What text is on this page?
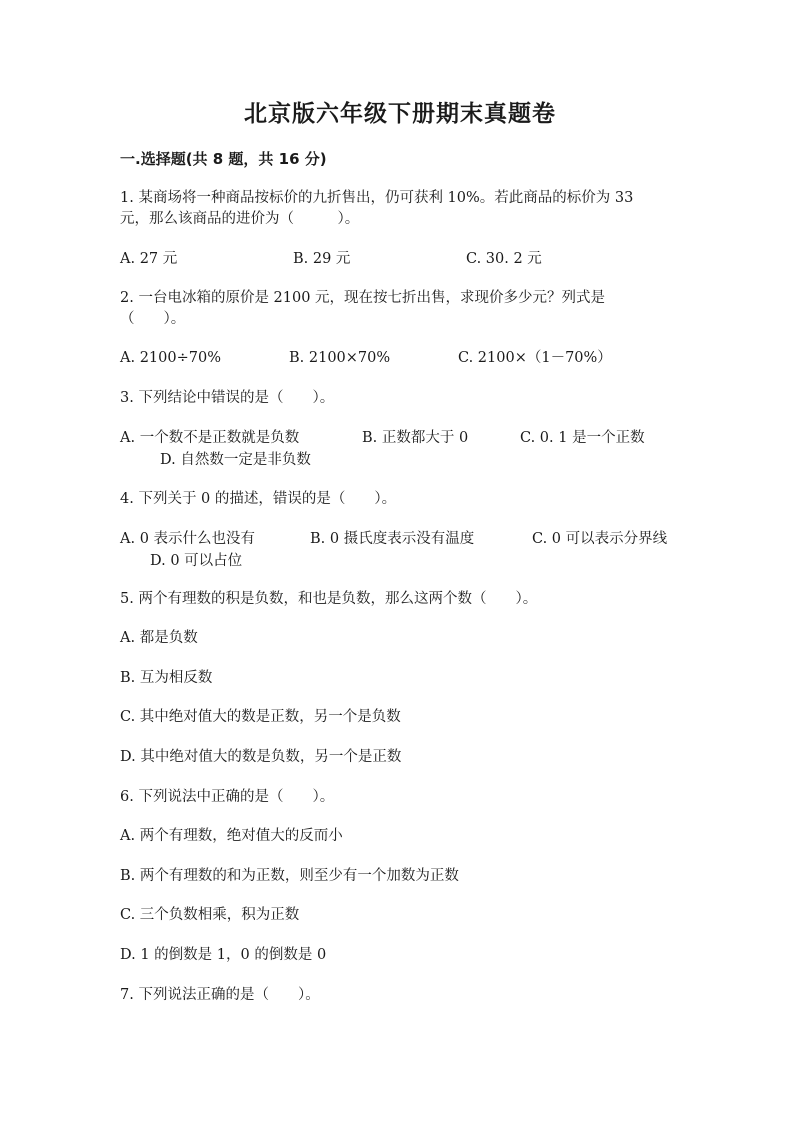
北京版六年级下册期末真题卷
一.选择题(共 8 题，共 16 分)
1. 某商场将一种商品按标价的九折售出，仍可获利 10%。若此商品的标价为 33
元，那么该商品的进价为（　　　）。
A. 27 元	B. 29 元	C. 30. 2 元
2. 一台电冰箱的原价是 2100 元，现在按七折出售，求现价多少元？列式是
（　　）。
A. 2100÷70%	B. 2100×70%	C. 2100×（1－70%）
3. 下列结论中错误的是（　　）。
A. 一个数不是正数就是负数	B. 正数都大于 0	C. 0. 1 是一个正数
D. 自然数一定是非负数
4. 下列关于 0 的描述，错误的是（　　）。
A. 0 表示什么也没有	B. 0 摄氏度表示没有温度	C. 0 可以表示分界线
D. 0 可以占位
5. 两个有理数的积是负数，和也是负数，那么这两个数（　　）。
A. 都是负数
B. 互为相反数
C. 其中绝对值大的数是正数，另一个是负数
D. 其中绝对值大的数是负数，另一个是正数
6. 下列说法中正确的是（　　）。
A. 两个有理数，绝对值大的反而小
B. 两个有理数的和为正数，则至少有一个加数为正数
C. 三个负数相乘，积为正数
D. 1 的倒数是 1，0 的倒数是 0
7. 下列说法正确的是（　　）。
